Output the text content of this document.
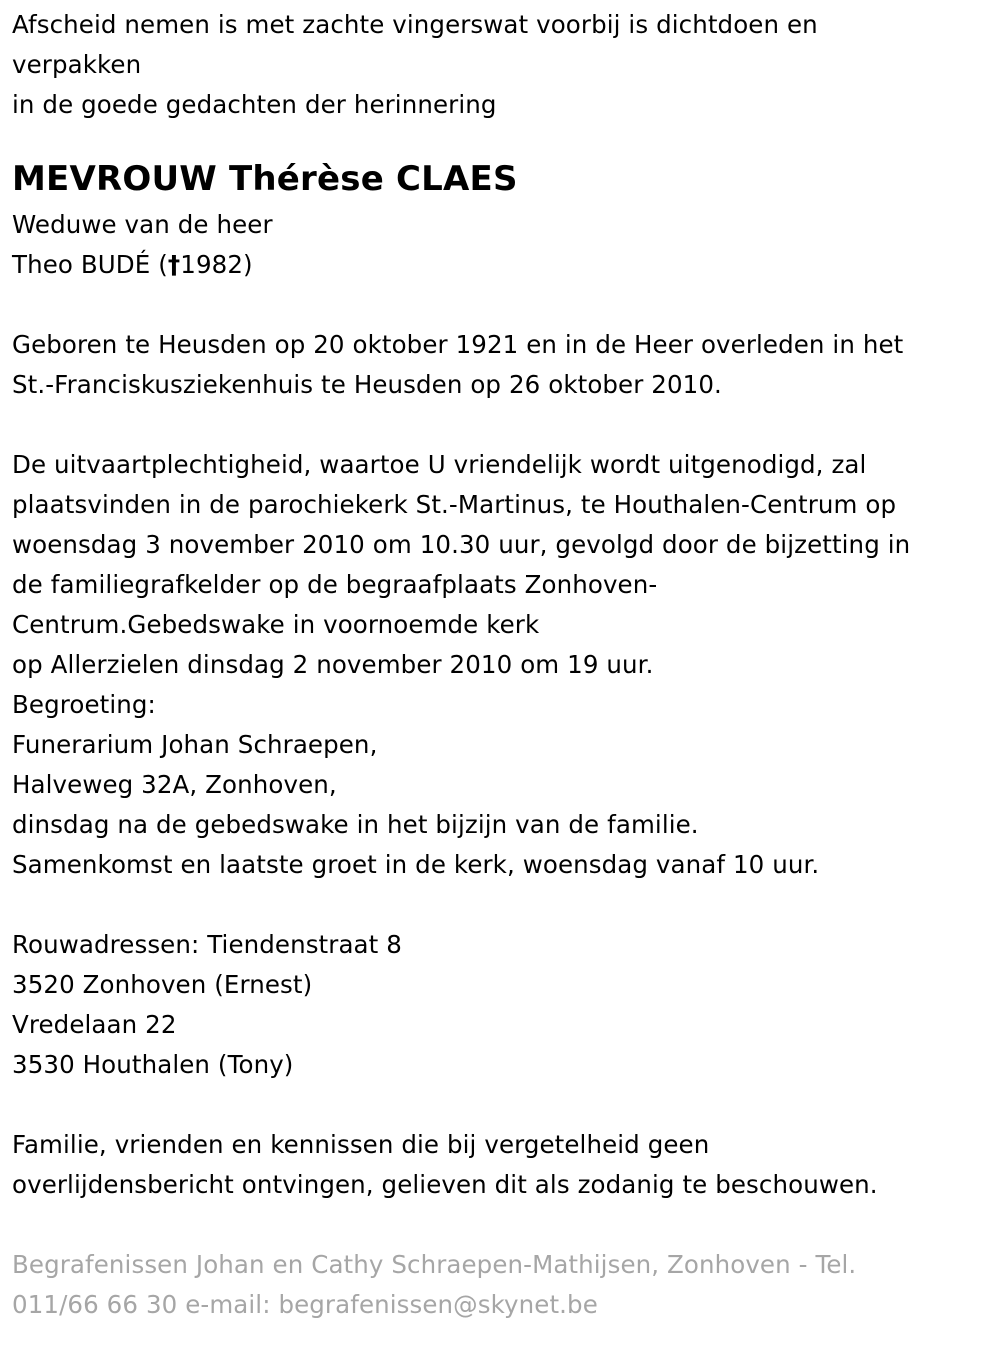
Afscheid nemen is met zachte vingerswat voorbij is dichtdoen en
verpakken
in de goede gedachten der herinnering
MEVROUW Thérèse CLAES
Weduwe van de heer
Theo BUDÉ (†1982)
Geboren te Heusden op 20 oktober 1921 en in de Heer overleden in het
St.-Franciskusziekenhuis te Heusden op 26 oktober 2010.
De uitvaartplechtigheid, waartoe U vriendelijk wordt uitgenodigd, zal
plaatsvinden in de parochiekerk St.-Martinus, te Houthalen-Centrum op
woensdag 3 november 2010 om 10.30 uur, gevolgd door de bijzetting in
de familiegrafkelder op de begraafplaats Zonhoven-
Centrum.Gebedswake in voornoemde kerk
op Allerzielen dinsdag 2 november 2010 om 19 uur.
Begroeting:
Funerarium Johan Schraepen,
Halveweg 32A, Zonhoven,
dinsdag na de gebedswake in het bijzijn van de familie.
Samenkomst en laatste groet in de kerk, woensdag vanaf 10 uur.
Rouwadressen: Tiendenstraat 8
3520 Zonhoven (Ernest)
Vredelaan 22
3530 Houthalen (Tony)
Familie, vrienden en kennissen die bij vergetelheid geen
overlijdensbericht ontvingen, gelieven dit als zodanig te beschouwen.
Begrafenissen Johan en Cathy Schraepen-Mathijsen, Zonhoven - Tel.
011/66 66 30 e-mail: begrafenissen@skynet.be
